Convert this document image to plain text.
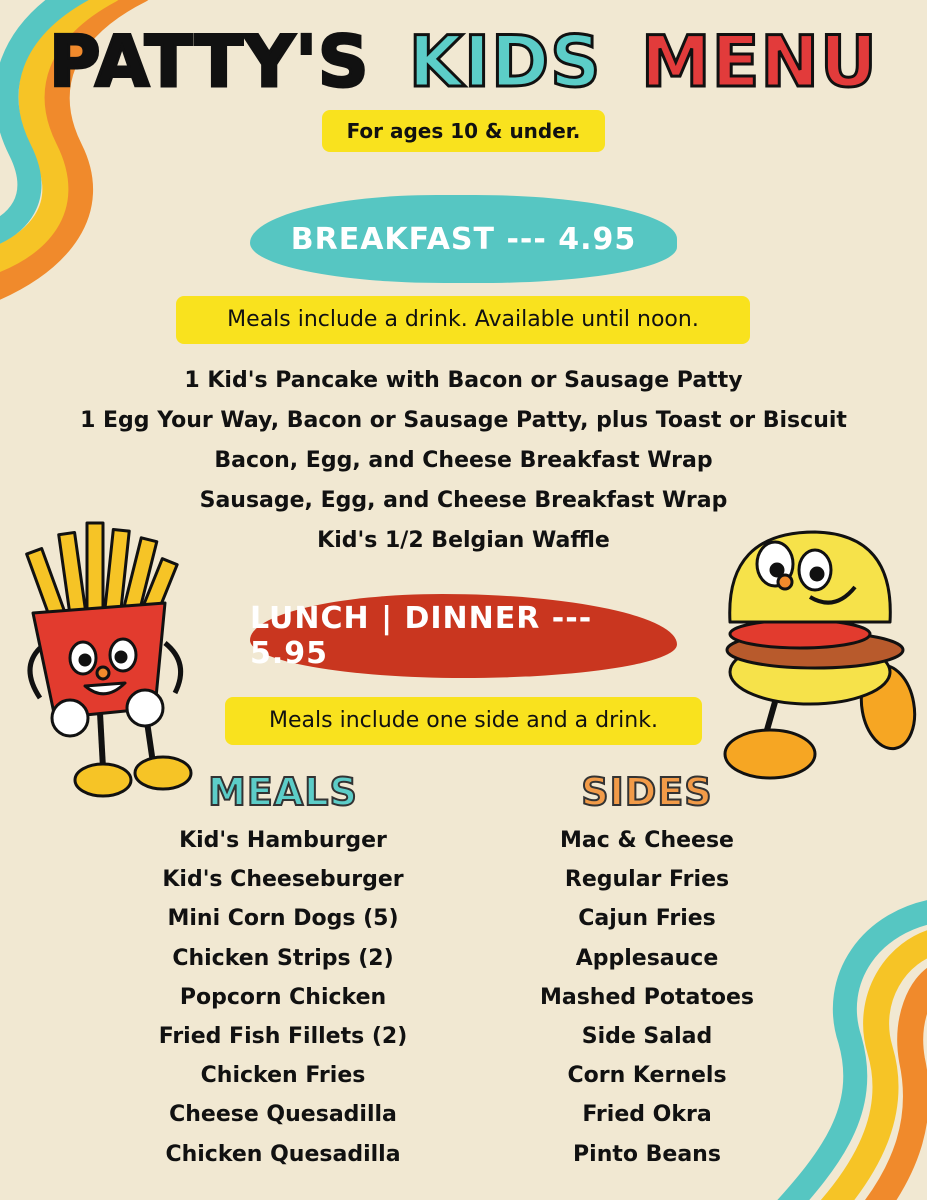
PATTY'S KIDS MENU
For ages 10 & under.
BREAKFAST --- 4.95
Meals include a drink. Available until noon.
1 Kid's Pancake with Bacon or Sausage Patty
1 Egg Your Way, Bacon or Sausage Patty, plus Toast or Biscuit
Bacon, Egg, and Cheese Breakfast Wrap
Sausage, Egg, and Cheese Breakfast Wrap
Kid's 1/2 Belgian Waffle
LUNCH | DINNER --- 5.95
Meals include one side and a drink.
MEALS	SIDES
Kid's Hamburger
Kid's Cheeseburger
Mini Corn Dogs (5)
Chicken Strips (2)
Popcorn Chicken
Fried Fish Fillets (2)
Chicken Fries
Cheese Quesadilla
Chicken Quesadilla
Mac & Cheese
Regular Fries
Cajun Fries
Applesauce
Mashed Potatoes
Side Salad
Corn Kernels
Fried Okra
Pinto Beans
